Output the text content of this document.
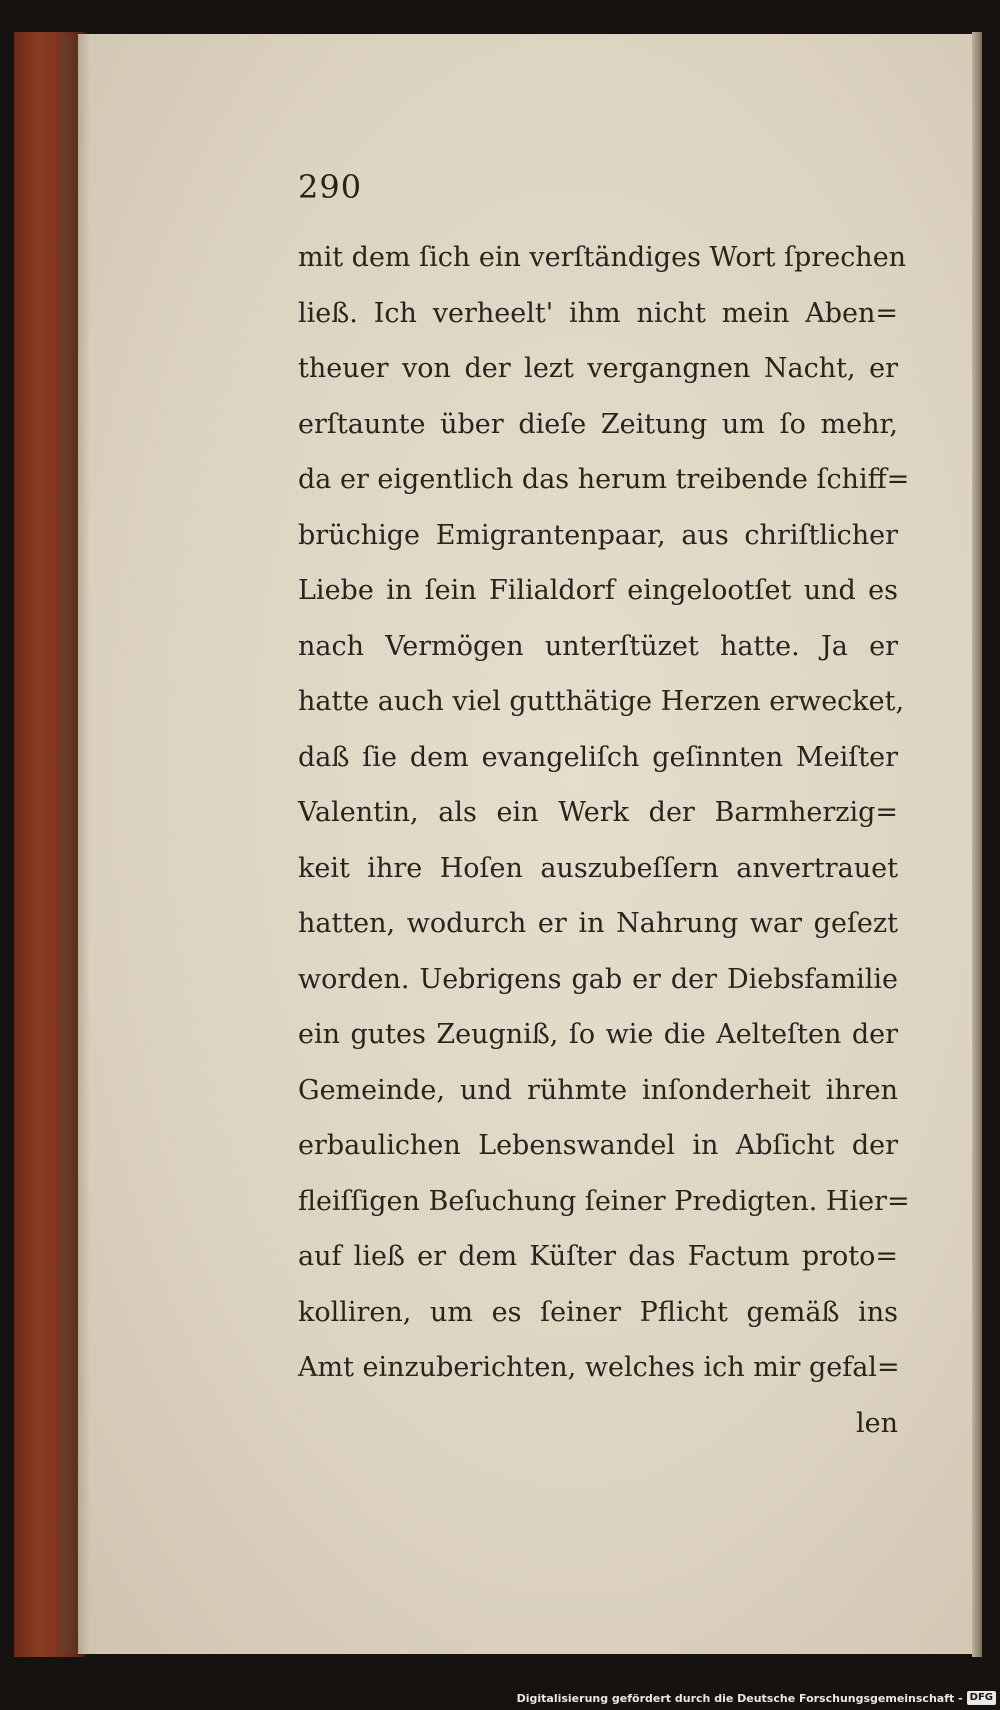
290
mit dem ſich ein verſtändiges Wort ſprechen
ließ. Ich verheelt' ihm nicht mein Aben=
theuer von der lezt vergangnen Nacht, er
erſtaunte über dieſe Zeitung um ſo mehr,
da er eigentlich das herum treibende ſchiff=
brüchige Emigrantenpaar, aus chriſtlicher
Liebe in ſein Filialdorf eingelootſet und es
nach Vermögen unterſtüzet hatte. Ja er
hatte auch viel gutthätige Herzen erwecket,
daß ſie dem evangeliſch geſinnten Meiſter
Valentin, als ein Werk der Barmherzig=
keit ihre Hoſen auszubeſſern anvertrauet
hatten, wodurch er in Nahrung war geſezt
worden. Uebrigens gab er der Diebsfamilie
ein gutes Zeugniß, ſo wie die Aelteſten der
Gemeinde, und rühmte inſonderheit ihren
erbaulichen Lebenswandel in Abſicht der
fleiſſigen Beſuchung ſeiner Predigten. Hier=
auf ließ er dem Küſter das Factum proto=
kolliren, um es ſeiner Pflicht gemäß ins
Amt einzuberichten, welches ich mir gefal=
len
Digitalisierung gefördert durch die Deutsche Forschungsgemeinschaft - DFG
